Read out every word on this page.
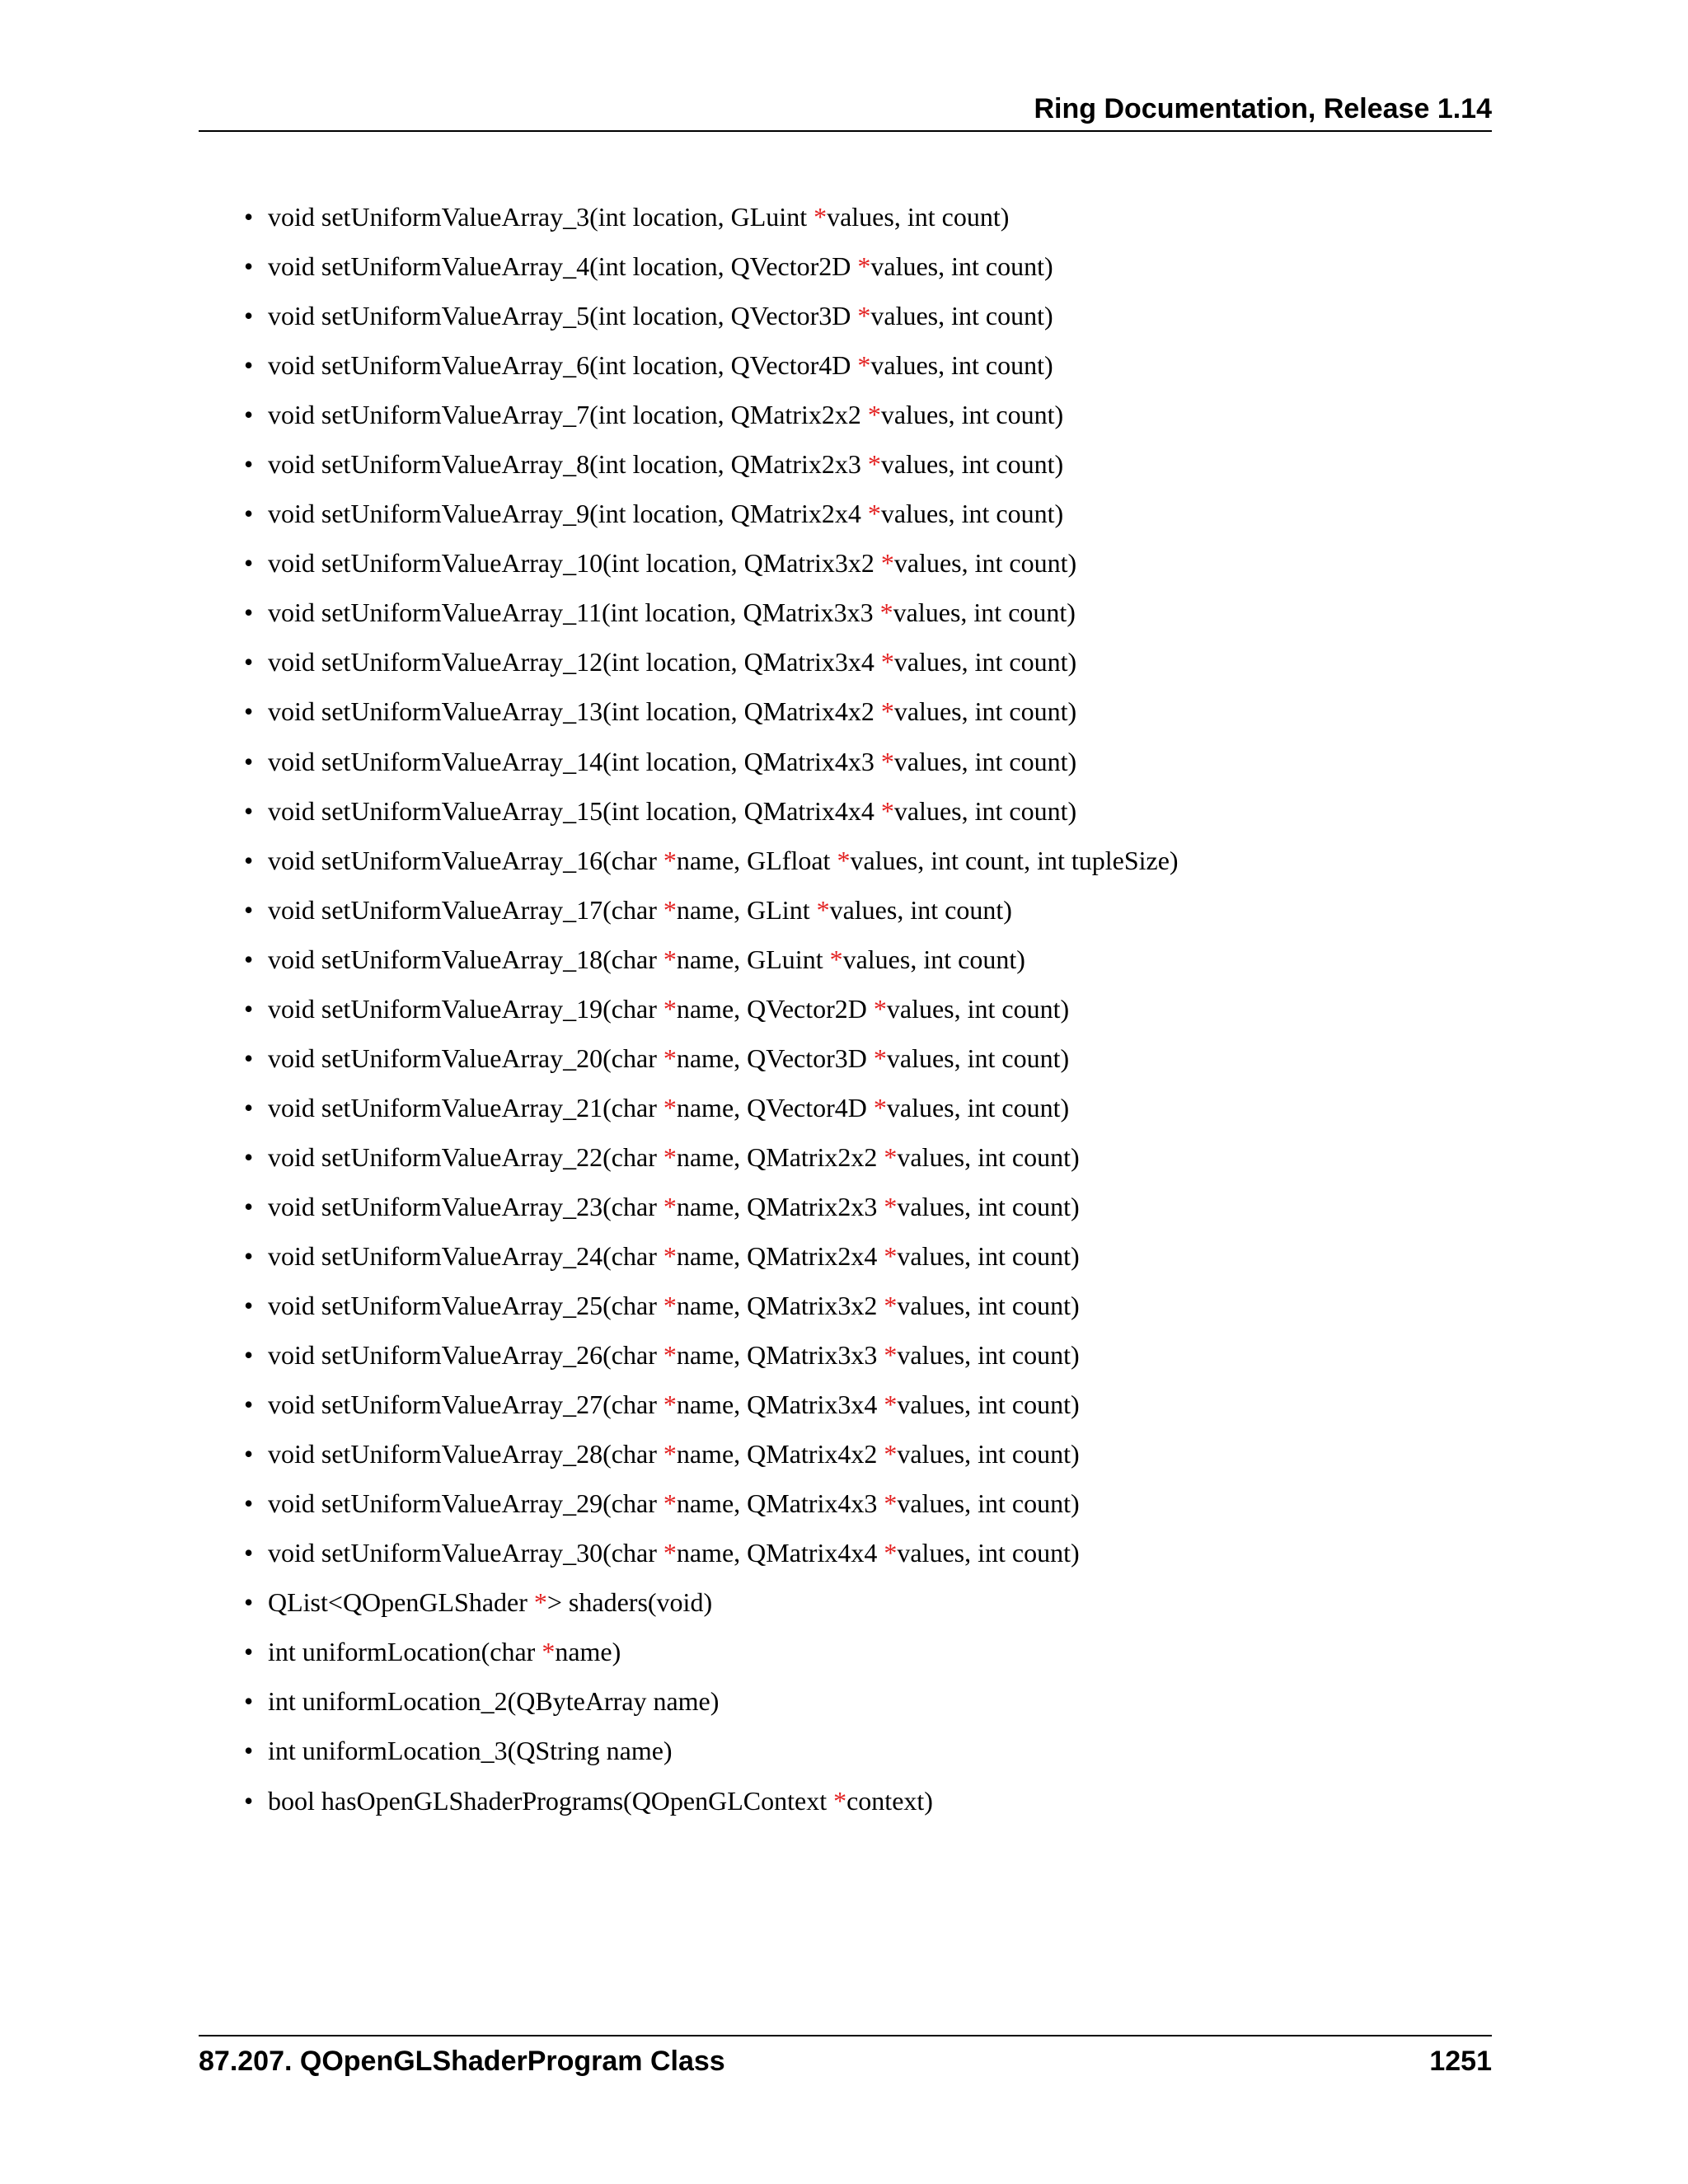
Ring Documentation, Release 1.14
• void setUniformValueArray_3(int location, GLuint *values, int count)
• void setUniformValueArray_4(int location, QVector2D *values, int count)
• void setUniformValueArray_5(int location, QVector3D *values, int count)
• void setUniformValueArray_6(int location, QVector4D *values, int count)
• void setUniformValueArray_7(int location, QMatrix2x2 *values, int count)
• void setUniformValueArray_8(int location, QMatrix2x3 *values, int count)
• void setUniformValueArray_9(int location, QMatrix2x4 *values, int count)
• void setUniformValueArray_10(int location, QMatrix3x2 *values, int count)
• void setUniformValueArray_11(int location, QMatrix3x3 *values, int count)
• void setUniformValueArray_12(int location, QMatrix3x4 *values, int count)
• void setUniformValueArray_13(int location, QMatrix4x2 *values, int count)
• void setUniformValueArray_14(int location, QMatrix4x3 *values, int count)
• void setUniformValueArray_15(int location, QMatrix4x4 *values, int count)
• void setUniformValueArray_16(char *name, GLfloat *values, int count, int tupleSize)
• void setUniformValueArray_17(char *name, GLint *values, int count)
• void setUniformValueArray_18(char *name, GLuint *values, int count)
• void setUniformValueArray_19(char *name, QVector2D *values, int count)
• void setUniformValueArray_20(char *name, QVector3D *values, int count)
• void setUniformValueArray_21(char *name, QVector4D *values, int count)
• void setUniformValueArray_22(char *name, QMatrix2x2 *values, int count)
• void setUniformValueArray_23(char *name, QMatrix2x3 *values, int count)
• void setUniformValueArray_24(char *name, QMatrix2x4 *values, int count)
• void setUniformValueArray_25(char *name, QMatrix3x2 *values, int count)
• void setUniformValueArray_26(char *name, QMatrix3x3 *values, int count)
• void setUniformValueArray_27(char *name, QMatrix3x4 *values, int count)
• void setUniformValueArray_28(char *name, QMatrix4x2 *values, int count)
• void setUniformValueArray_29(char *name, QMatrix4x3 *values, int count)
• void setUniformValueArray_30(char *name, QMatrix4x4 *values, int count)
• QList<QOpenGLShader *> shaders(void)
• int uniformLocation(char *name)
• int uniformLocation_2(QByteArray name)
• int uniformLocation_3(QString name)
• bool hasOpenGLShaderPrograms(QOpenGLContext *context)
87.207. QOpenGLShaderProgram Class	1251
